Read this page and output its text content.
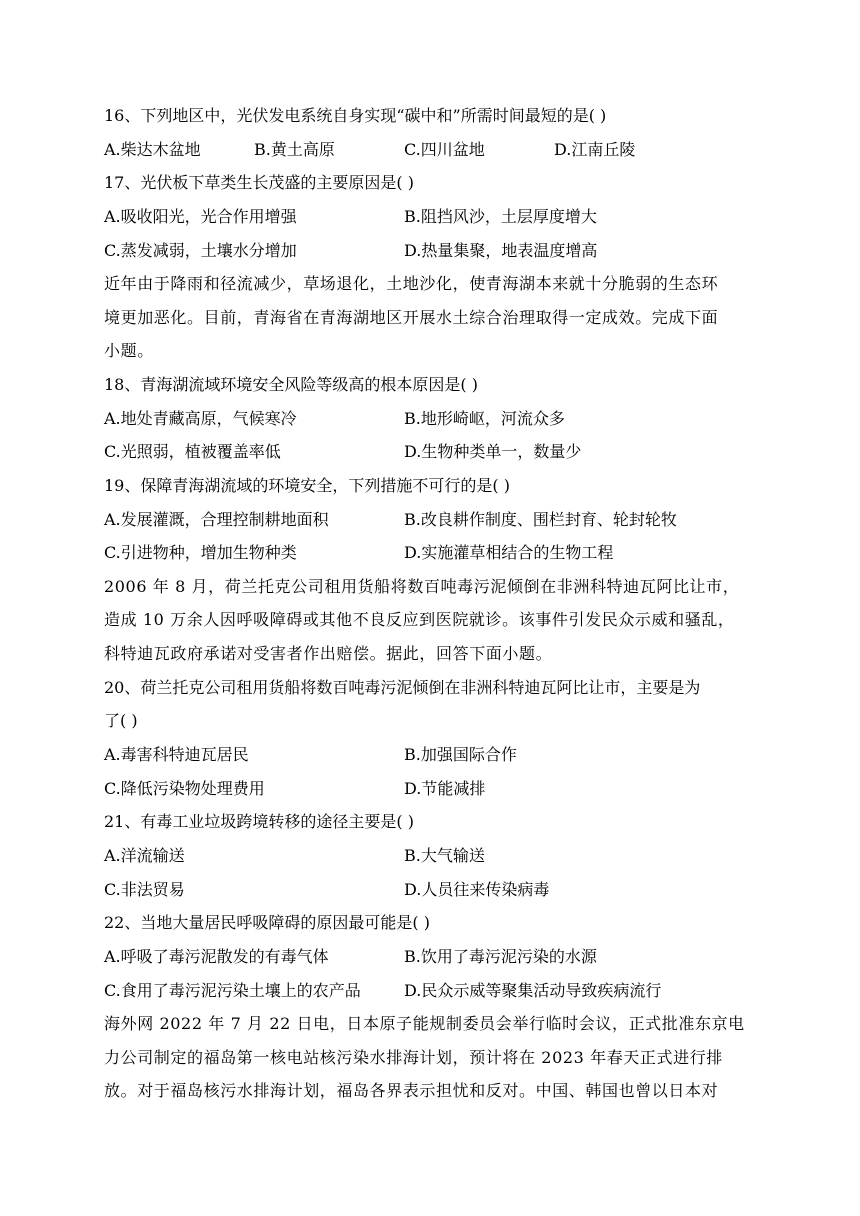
16、下列地区中，光伏发电系统自身实现“碳中和”所需时间最短的是( )
A.柴达木盆地	B.黄土高原	C.四川盆地	D.江南丘陵
17、光伏板下草类生长茂盛的主要原因是( )
A.吸收阳光，光合作用增强	B.阻挡风沙，土层厚度增大
C.蒸发减弱，土壤水分增加	D.热量集聚，地表温度增高
近年由于降雨和径流减少，草场退化，土地沙化，使青海湖本来就十分脆弱的生态环
境更加恶化。目前，青海省在青海湖地区开展水土综合治理取得一定成效。完成下面
小题。
18、青海湖流域环境安全风险等级高的根本原因是( )
A.地处青藏高原，气候寒冷	B.地形崎岖，河流众多
C.光照弱，植被覆盖率低	D.生物种类单一，数量少
19、保障青海湖流域的环境安全，下列措施不可行的是( )
A.发展灌溉，合理控制耕地面积	B.改良耕作制度、围栏封育、轮封轮牧
C.引进物种，增加生物种类	D.实施灌草相结合的生物工程
2006 年 8 月，荷兰托克公司租用货船将数百吨毒污泥倾倒在非洲科特迪瓦阿比让市，
造成 10 万余人因呼吸障碍或其他不良反应到医院就诊。该事件引发民众示威和骚乱，
科特迪瓦政府承诺对受害者作出赔偿。据此，回答下面小题。
20、荷兰托克公司租用货船将数百吨毒污泥倾倒在非洲科特迪瓦阿比让市，主要是为
了( )
A.毒害科特迪瓦居民	B.加强国际合作
C.降低污染物处理费用	D.节能减排
21、有毒工业垃圾跨境转移的途径主要是( )
A.洋流输送	B.大气输送
C.非法贸易	D.人员往来传染病毒
22、当地大量居民呼吸障碍的原因最可能是( )
A.呼吸了毒污泥散发的有毒气体	B.饮用了毒污泥污染的水源
C.食用了毒污泥污染土壤上的农产品	D.民众示威等聚集活动导致疾病流行
海外网 2022 年 7 月 22 日电，日本原子能规制委员会举行临时会议，正式批准东京电
力公司制定的福岛第一核电站核污染水排海计划，预计将在 2023 年春天正式进行排
放。对于福岛核污水排海计划，福岛各界表示担忧和反对。中国、韩国也曾以日本对
